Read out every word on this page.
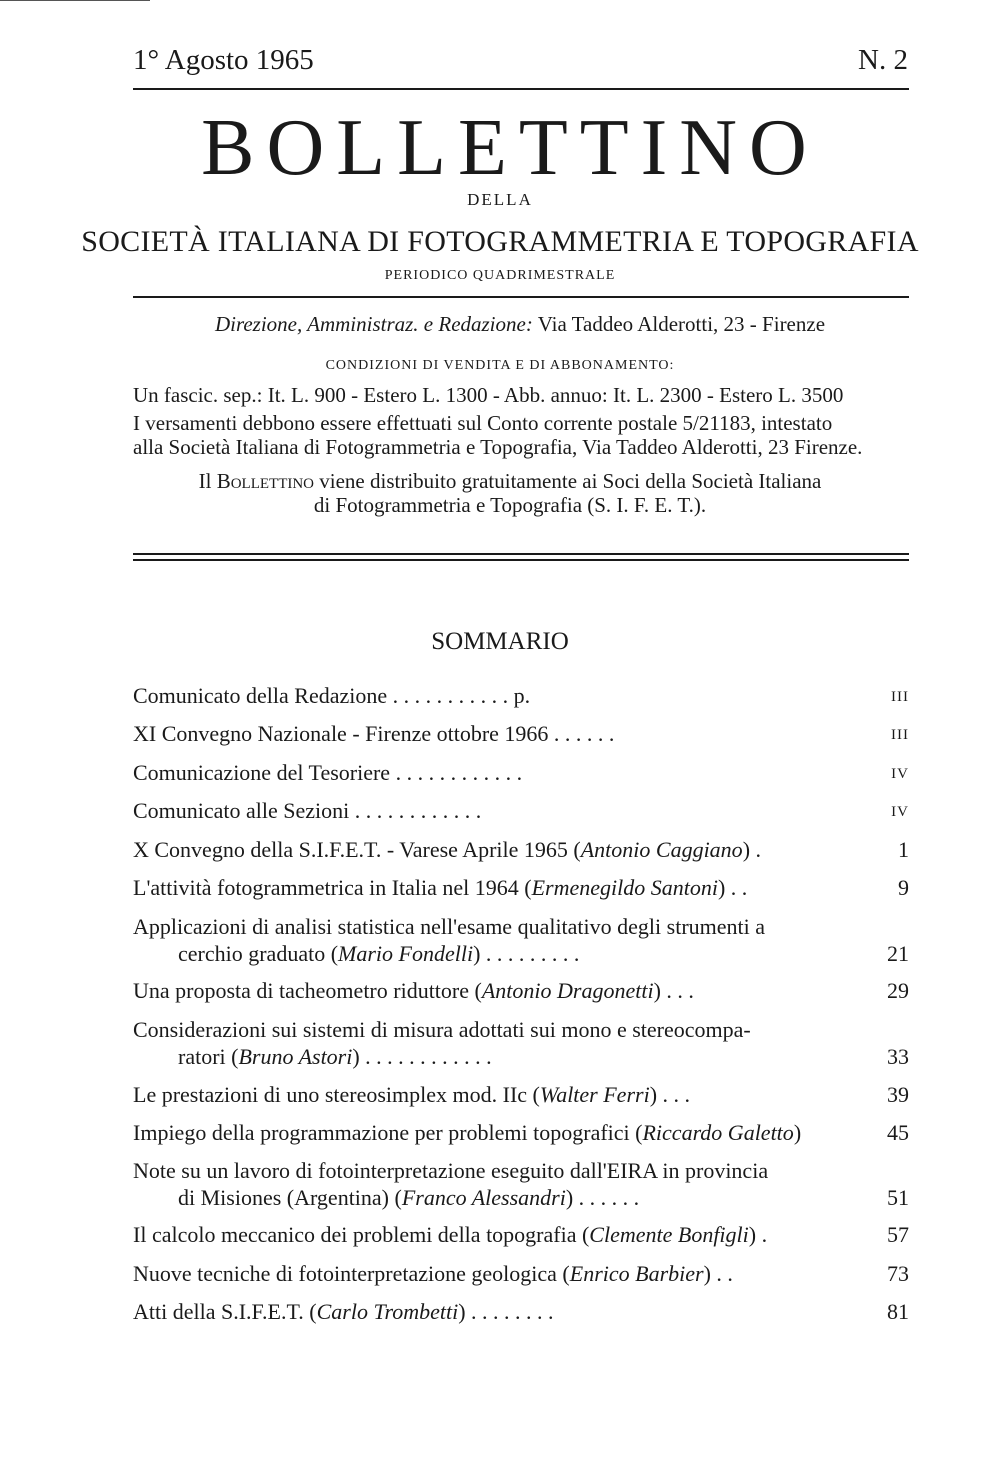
1° Agosto 1965	N. 2
BOLLETTINO
DELLA
SOCIETÀ ITALIANA DI FOTOGRAMMETRIA E TOPOGRAFIA
PERIODICO QUADRIMESTRALE
Direzione, Amministraz. e Redazione: Via Taddeo Alderotti, 23 - Firenze
CONDIZIONI DI VENDITA E DI ABBONAMENTO:
Un fascic. sep.: It. L. 900 - Estero L. 1300 - Abb. annuo: It. L. 2300 - Estero L. 3500
I versamenti debbono essere effettuati sul Conto corrente postale 5/21183, intestato
alla Società Italiana di Fotogrammetria e Topografia, Via Taddeo Alderotti, 23 Firenze.
Il Bollettino viene distribuito gratuitamente ai Soci della Società Italiana
di Fotogrammetria e Topografia (S. I. F. E. T.).
SOMMARIO
Comunicato della Redazione . . . . . . . . . . . p.	III
XI Convegno Nazionale - Firenze ottobre 1966 . . . . . .	III
Comunicazione del Tesoriere . . . . . . . . . . . .	IV
Comunicato alle Sezioni . . . . . . . . . . . .	IV
X Convegno della S.I.F.E.T. - Varese Aprile 1965 (Antonio Caggiano) .	1
L'attività fotogrammetrica in Italia nel 1964 (Ermenegildo Santoni) . .	9
Applicazioni di analisi statistica nell'esame qualitativo degli strumenti a
cerchio graduato (Mario Fondelli) . . . . . . . . .	21
Una proposta di tacheometro riduttore (Antonio Dragonetti) . . .	29
Considerazioni sui sistemi di misura adottati sui mono e stereocompa-
ratori (Bruno Astori) . . . . . . . . . . . .	33
Le prestazioni di uno stereosimplex mod. IIc (Walter Ferri) . . .	39
Impiego della programmazione per problemi topografici (Riccardo Galetto)	45
Note su un lavoro di fotointerpretazione eseguito dall'EIRA in provincia
di Misiones (Argentina) (Franco Alessandri) . . . . . .	51
Il calcolo meccanico dei problemi della topografia (Clemente Bonfigli) .	57
Nuove tecniche di fotointerpretazione geologica (Enrico Barbier) . .	73
Atti della S.I.F.E.T. (Carlo Trombetti) . . . . . . . .	81
